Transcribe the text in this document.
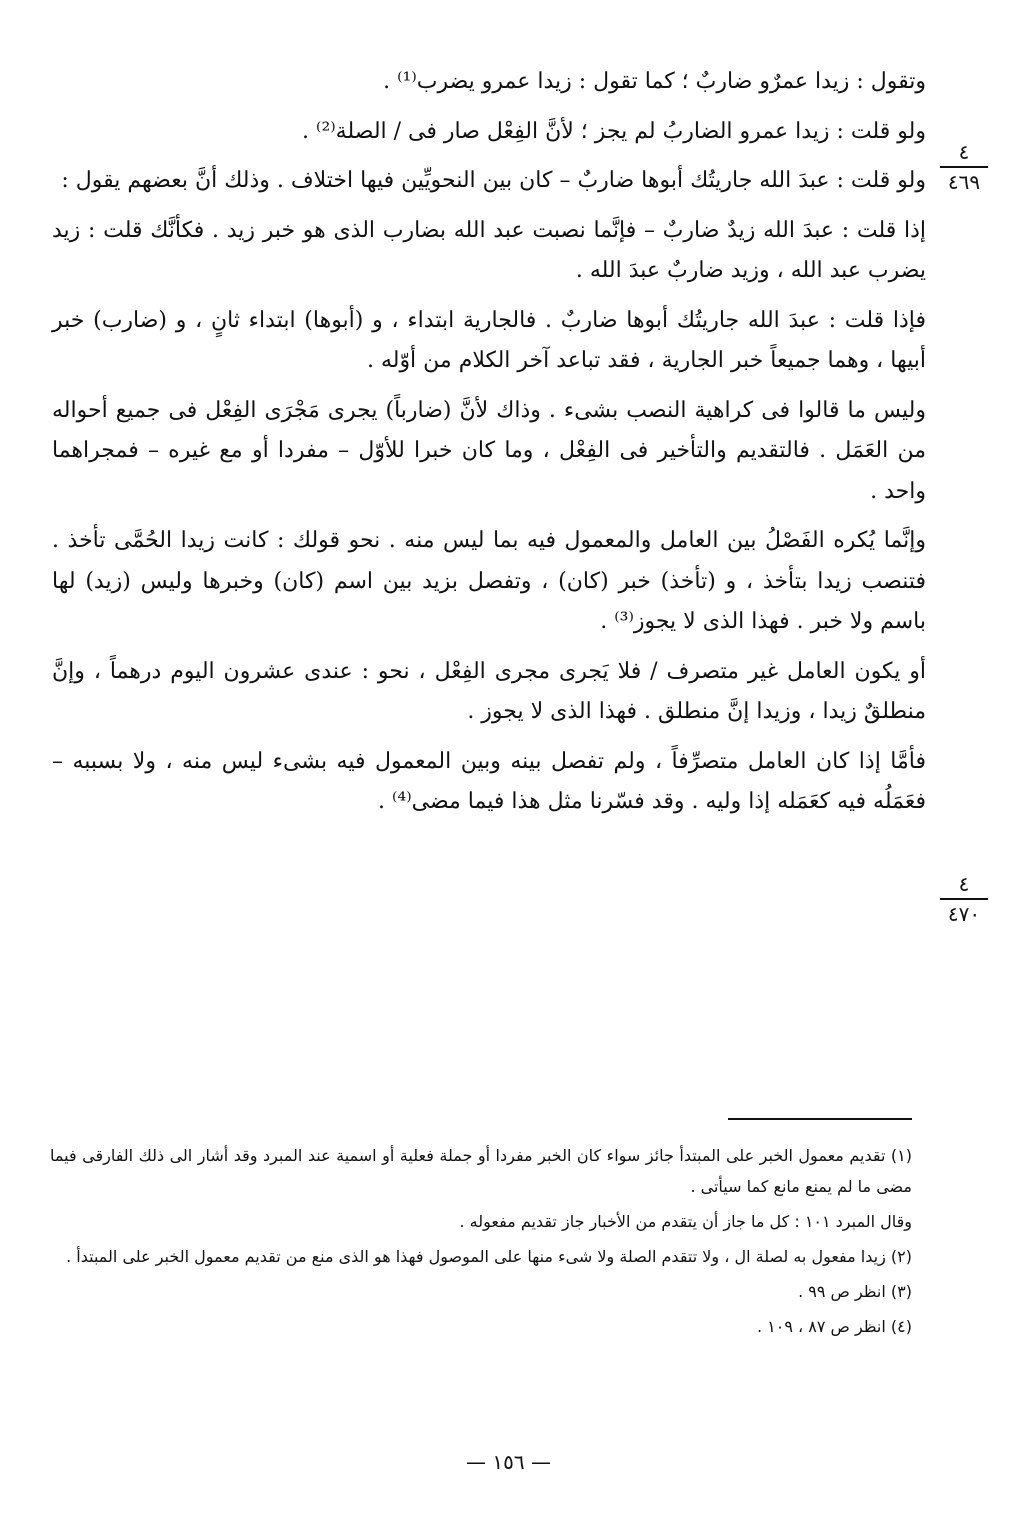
وتقول : زيدا عمرٌو ضاربٌ ؛ كما تقول : زيدا عمرو يضرب⁽¹⁾ .

ولو قلت : زيدا عمرو الضاربُ لم يجز ؛ لأنَّ الفِعْل صار فى / الصلة⁽²⁾ .

ولو قلت : عبدَ الله جاريتُك أبوها ضاربٌ – كان بين النحويِّين فيها اختلاف . وذلك أنَّ بعضهم يقول :

إذا قلت : عبدَ الله زيدٌ ضاربٌ – فإنَّما نصبت عبد الله بضارب الذى هو خبر زيد . فكأنَّك قلت : زيد يضرب عبد الله ، وزيد ضاربٌ عبدَ الله .

فإذا قلت : عبدَ الله جاريتُك أبوها ضاربٌ . فالجارية ابتداء ، و (أبوها) ابتداء ثانٍ ، و (ضارب) خبر أبيها ، وهما جميعاً خبر الجارية ، فقد تباعد آخر الكلام من أوّله .

وليس ما قالوا فى كراهية النصب بشىء . وذاك لأنَّ (ضارباً) يجرى مَجْرَى الفِعْل فى جميع أحواله من العَمَل . فالتقديم والتأخير فى الفِعْل ، وما كان خبرا للأوّل – مفردا أو مع غيره – فمجراهما واحد .

وإنَّما يُكره الفَصْلُ بين العامل والمعمول فيه بما ليس منه . نحو قولك : كانت زيدا الحُمَّى تأخذ . فتنصب زيدا بتأخذ ، و (تأخذ) خبر (كان) ، وتفصل بزيد بين اسم (كان) وخبرها وليس (زيد) لها باسم ولا خبر . فهذا الذى لا يجوز⁽³⁾ .

أو يكون العامل غير متصرف / فلا يَجرى مجرى الفِعْل ، نحو : عندى عشرون اليوم درهماً ، وإنَّ منطلقٌ زيدا ، وزيدا إنَّ منطلق . فهذا الذى لا يجوز .

فأمَّا إذا كان العامل متصرِّفاً ، ولم تفصل بينه وبين المعمول فيه بشىء ليس منه ، ولا بسببه – فعَمَلُه فيه كعَمَله إذا وليه . وقد فسّرنا مثل هذا فيما مضى⁽⁴⁾ .

٤
٤٦٩
٤
٤٧٠

(١) تقديم معمول الخبر على المبتدأ جائز سواء كان الخبر مفردا أو جملة فعلية أو اسمية عند المبرد وقد أشار الى ذلك الفارقى فيما مضى ما لم يمنع مانع كما سيأتى .

وقال المبرد ١٠١ : كل ما جاز أن يتقدم من الأخبار جاز تقديم مفعوله .

(٢) زيدا مفعول به لصلة ال ، ولا تتقدم الصلة ولا شىء منها على الموصول فهذا هو الذى منع من تقديم معمول الخبر على المبتدأ .

(٣) انظر ص ٩٩ .

(٤) انظر ص ٨٧ ، ١٠٩ .

— ١٥٦ —
